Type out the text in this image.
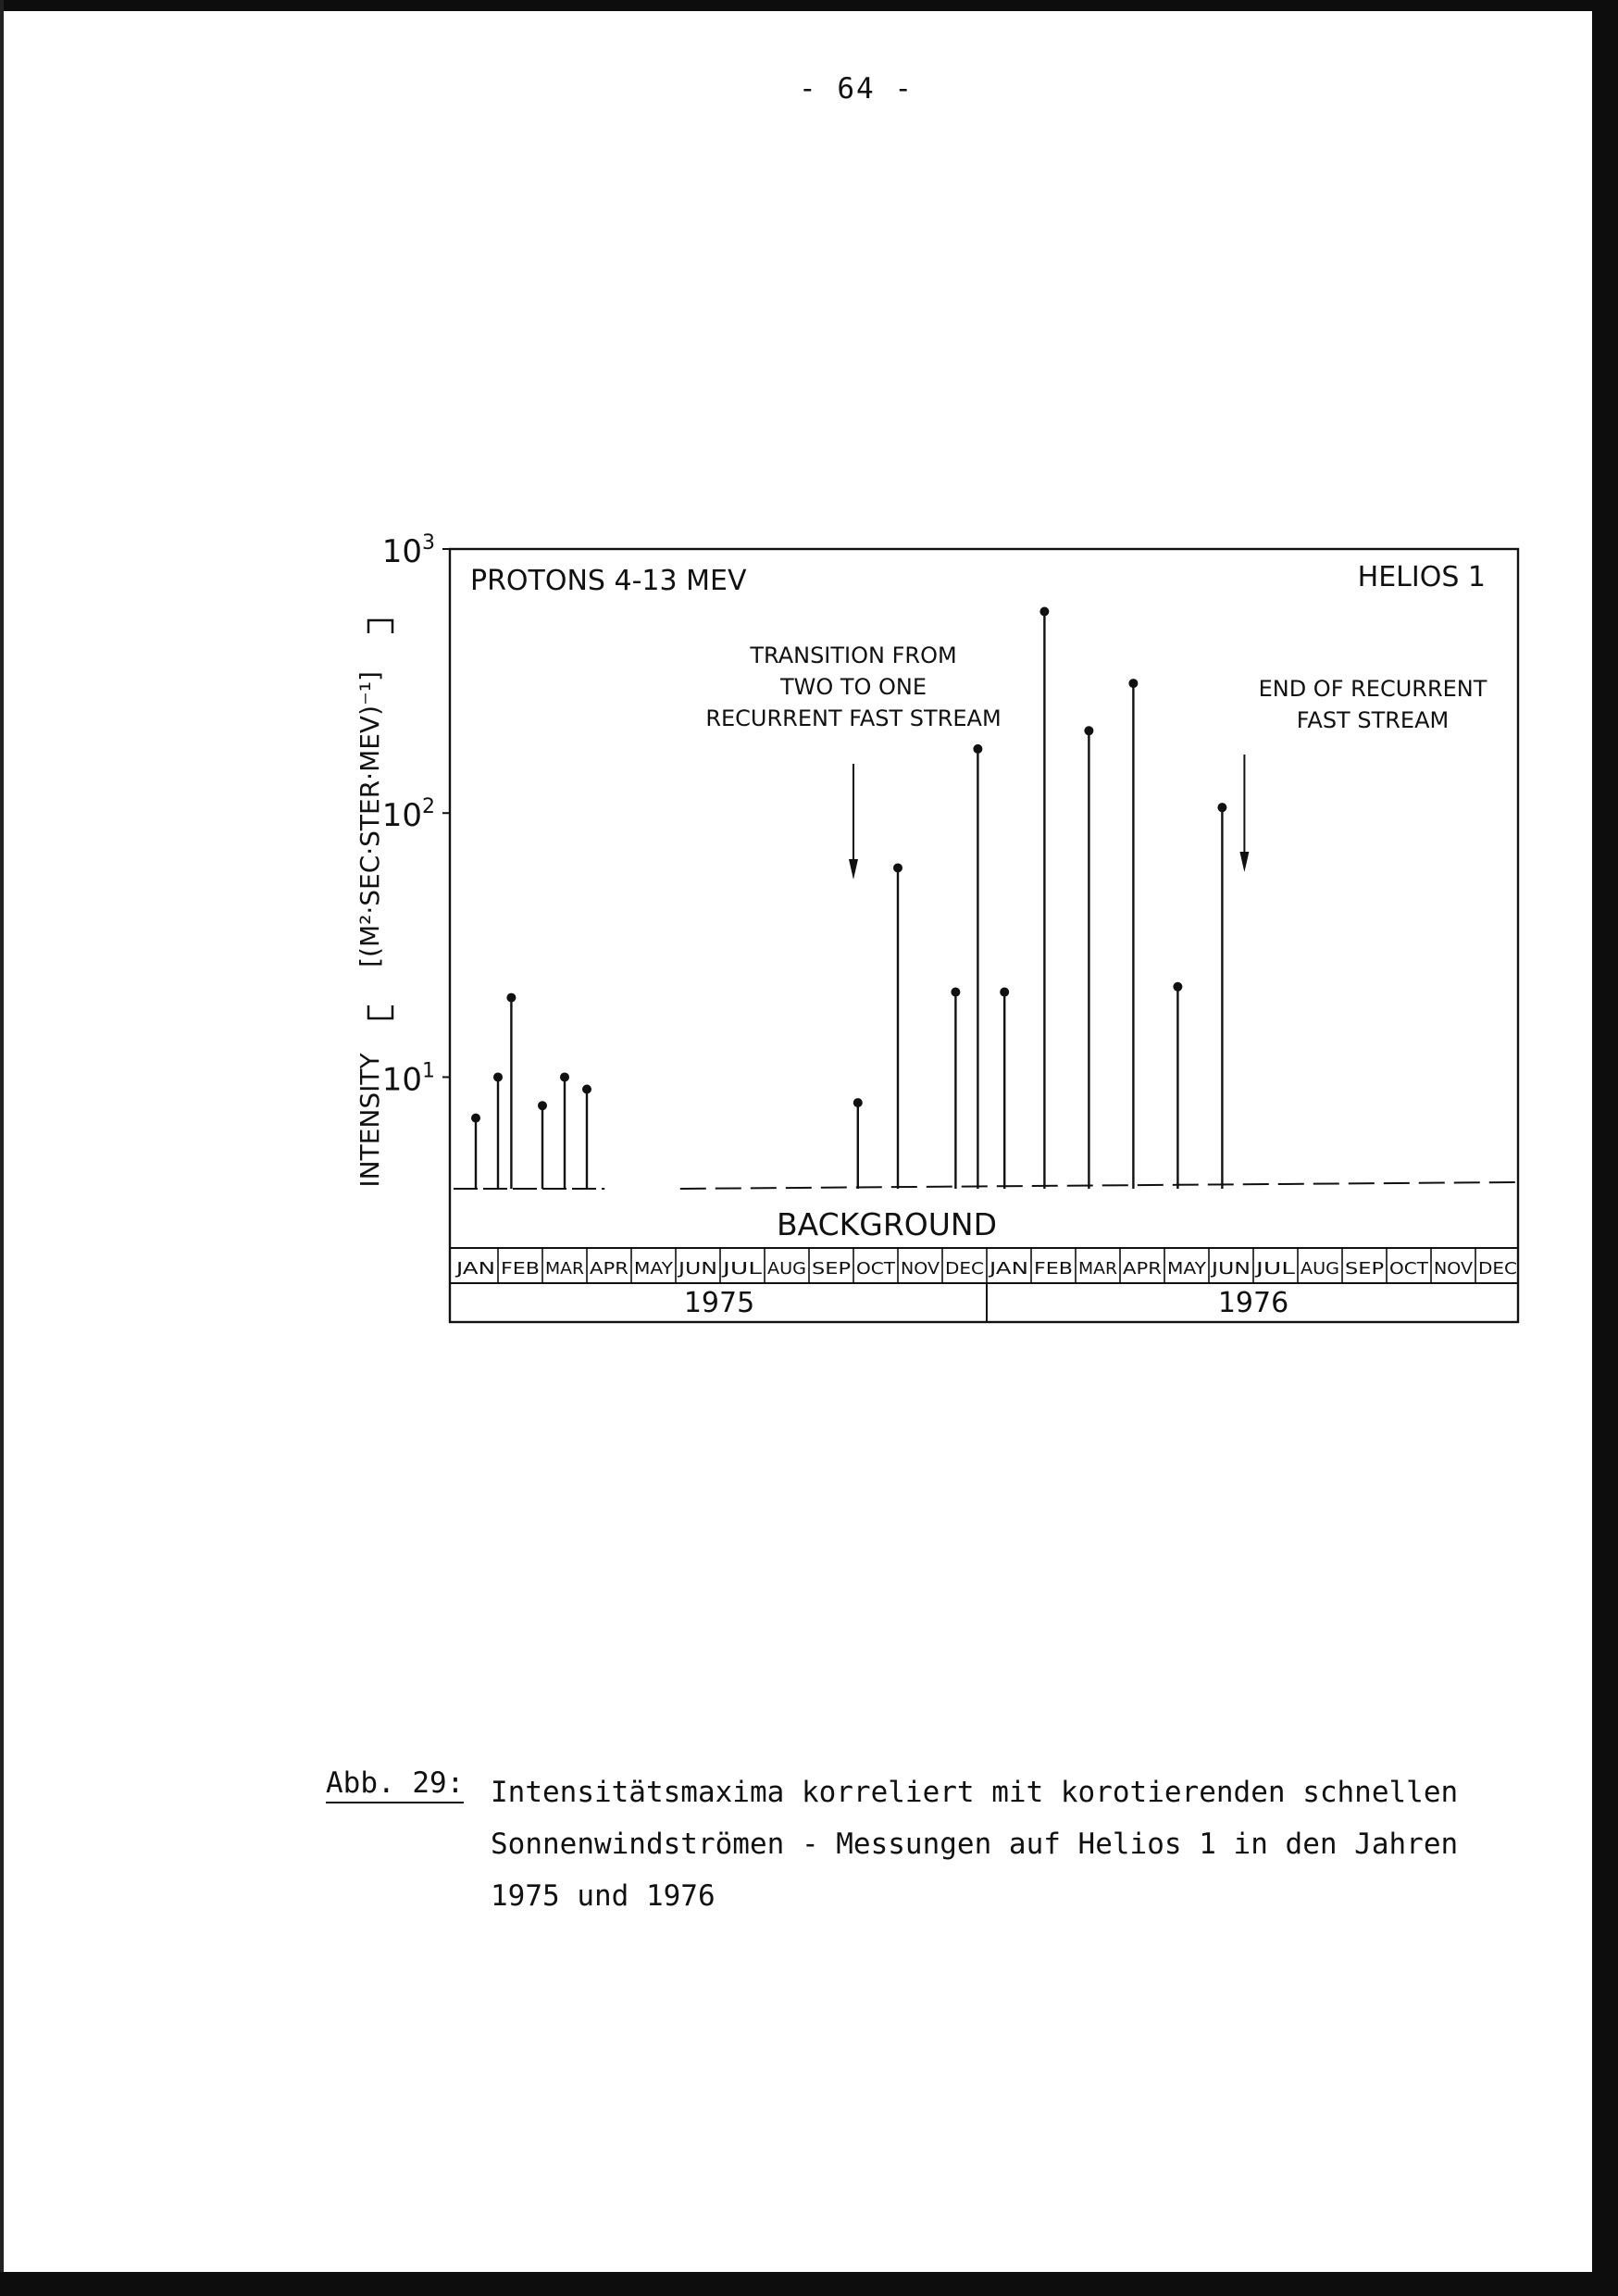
- 64 -
$10^1$
$10^2$
$10^3$
TRANSITION FROM
TWO TO ONE
RECURRENT FAST STREAM
END OF RECURRENT
FAST STREAM
JAN FEB MAR APR MAY JUN JUL AUG SEP OCT NOV DEC JAN FEB MAR APR MAY JUN JUL AUG SEP OCT NOV DEC
PROTONS 4-13 MEV	HELIOS 1
BACKGROUND
INTENSITY
[(M²·SEC·STER·MEV)⁻¹]
1975	1976
Abb. 29: Intensitätsmaxima korreliert mit korotierenden schnellen
Sonnenwindströmen - Messungen auf Helios 1 in den Jahren
1975 und 1976
